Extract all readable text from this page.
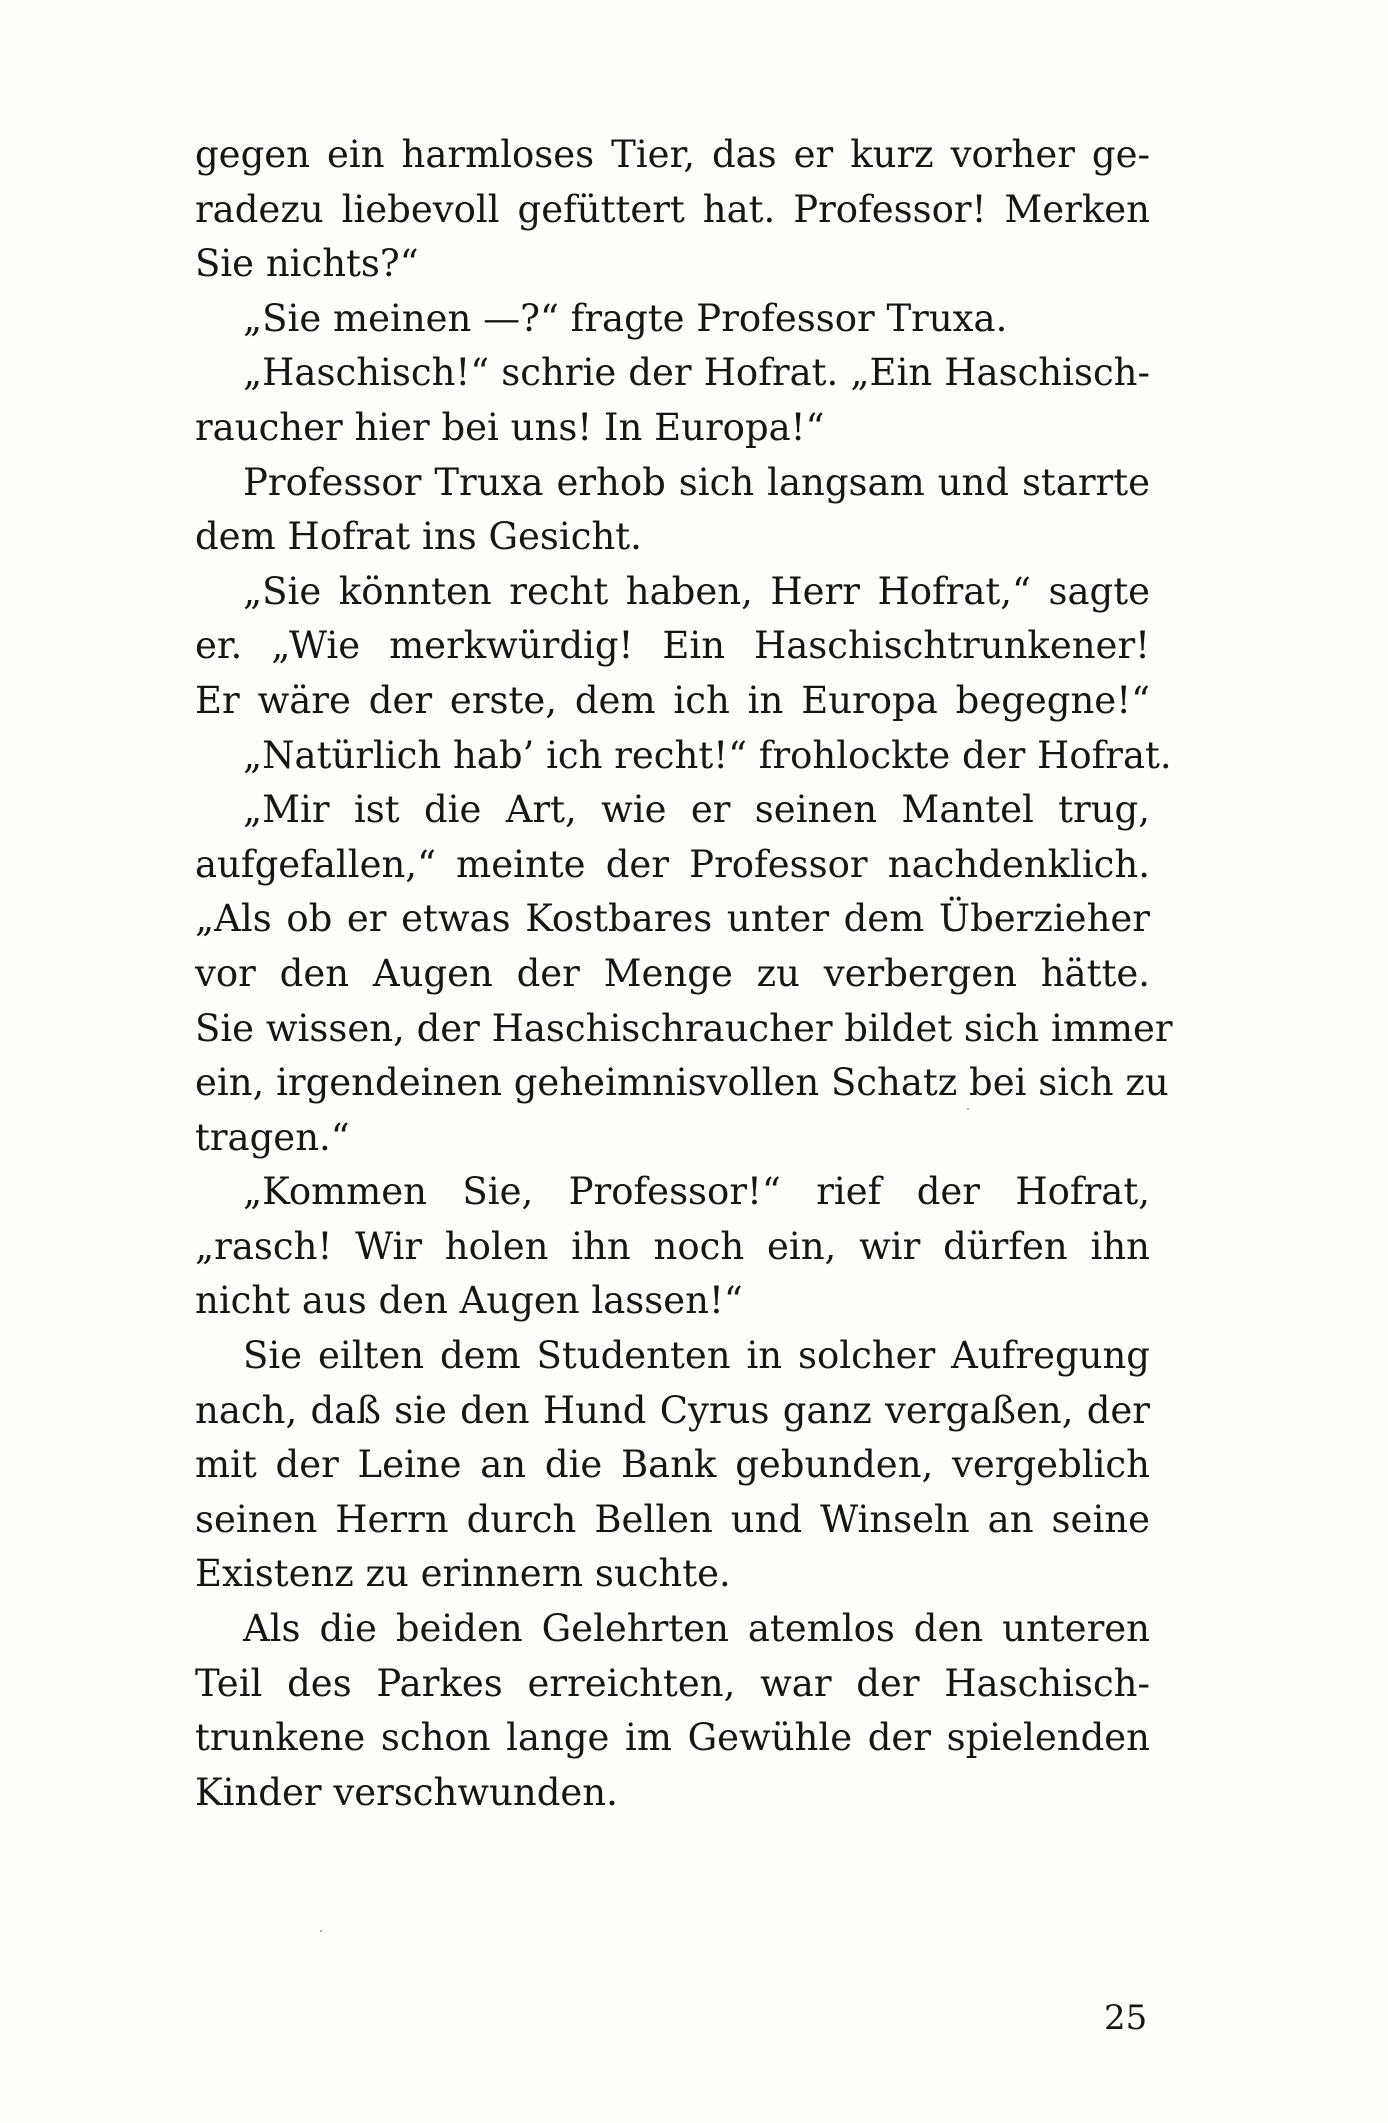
gegen ein harmloses Tier, das er kurz vorher ge-
radezu liebevoll gefüttert hat. Professor! Merken
Sie nichts?“
„Sie meinen —?“ fragte Professor Truxa.
„Haschisch!“ schrie der Hofrat. „Ein Haschisch-
raucher hier bei uns! In Europa!“
Professor Truxa erhob sich langsam und starrte
dem Hofrat ins Gesicht.
„Sie könnten recht haben, Herr Hofrat,“ sagte
er. „Wie merkwürdig! Ein Haschischtrunkener!
Er wäre der erste, dem ich in Europa begegne!“
„Natürlich hab’ ich recht!“ frohlockte der Hofrat.
„Mir ist die Art, wie er seinen Mantel trug,
aufgefallen,“ meinte der Professor nachdenklich.
„Als ob er etwas Kostbares unter dem Überzieher
vor den Augen der Menge zu verbergen hätte.
Sie wissen, der Haschischraucher bildet sich immer
ein, irgendeinen geheimnisvollen Schatz bei sich zu
tragen.“
„Kommen Sie, Professor!“ rief der Hofrat,
„rasch! Wir holen ihn noch ein, wir dürfen ihn
nicht aus den Augen lassen!“
Sie eilten dem Studenten in solcher Aufregung
nach, daß sie den Hund Cyrus ganz vergaßen, der
mit der Leine an die Bank gebunden, vergeblich
seinen Herrn durch Bellen und Winseln an seine
Existenz zu erinnern suchte.
Als die beiden Gelehrten atemlos den unteren
Teil des Parkes erreichten, war der Haschisch-
trunkene schon lange im Gewühle der spielenden
Kinder verschwunden.
25
